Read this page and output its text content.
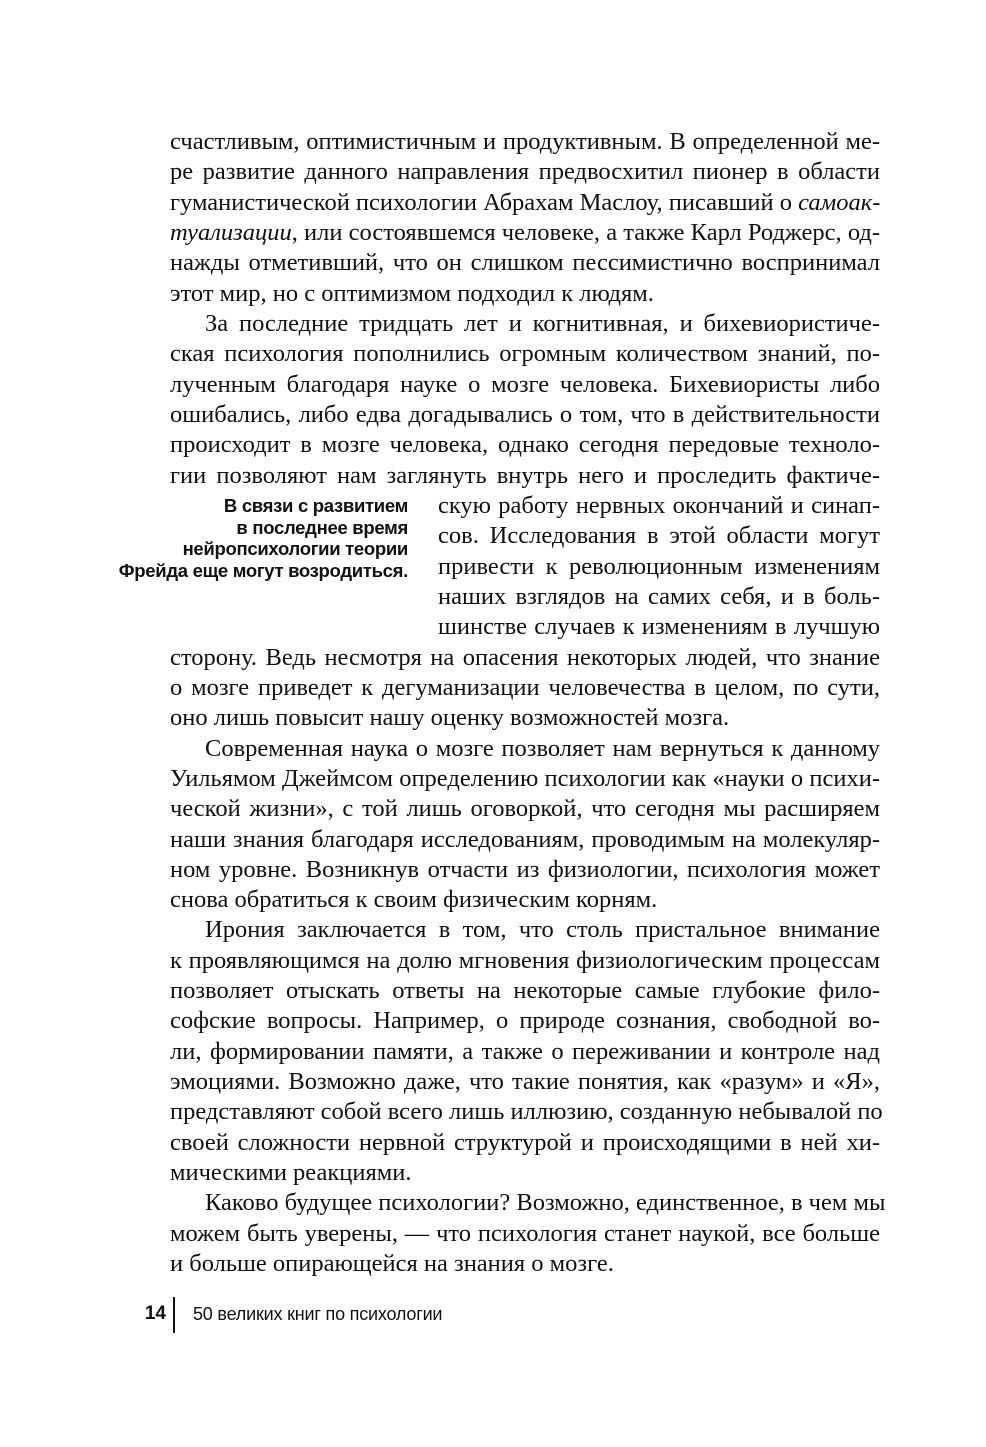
счастливым, оптимистичным и продуктивным. В определенной ме-
ре развитие данного направления предвосхитил пионер в области
гуманистической психологии Абрахам Маслоу, писавший о самоак-
туализации, или состоявшемся человеке, а также Карл Роджерс, од-
нажды отметивший, что он слишком пессимистично воспринимал
этот мир, но с оптимизмом подходил к людям.
За последние тридцать лет и когнитивная, и бихевиористиче-
ская психология пополнились огромным количеством знаний, по-
лученным благодаря науке о мозге человека. Бихевиористы либо
ошибались, либо едва догадывались о том, что в действительности
происходит в мозге человека, однако сегодня передовые техноло-
гии позволяют нам заглянуть внутрь него и проследить фактиче-
скую работу нервных окончаний и синап-
сов. Исследования в этой области могут
привести к революционным изменениям
наших взглядов на самих себя, и в боль-
шинстве случаев к изменениям в лучшую
сторону. Ведь несмотря на опасения некоторых людей, что знание
о мозге приведет к дегуманизации человечества в целом, по сути,
оно лишь повысит нашу оценку возможностей мозга.
Современная наука о мозге позволяет нам вернуться к данному
Уильямом Джеймсом определению психологии как «науки о психи-
ческой жизни», с той лишь оговоркой, что сегодня мы расширяем
наши знания благодаря исследованиям, проводимым на молекуляр-
ном уровне. Возникнув отчасти из физиологии, психология может
снова обратиться к своим физическим корням.
Ирония заключается в том, что столь пристальное внимание
к проявляющимся на долю мгновения физиологическим процессам
позволяет отыскать ответы на некоторые самые глубокие фило-
софские вопросы. Например, о природе сознания, свободной во-
ли, формировании памяти, а также о переживании и контроле над
эмоциями. Возможно даже, что такие понятия, как «разум» и «Я»,
представляют собой всего лишь иллюзию, созданную небывалой по
своей сложности нервной структурой и происходящими в ней хи-
мическими реакциями.
Каково будущее психологии? Возможно, единственное, в чем мы
можем быть уверены, — что психология станет наукой, все больше
и больше опирающейся на знания о мозге.
В связи с развитием
в последнее время
нейропсихологии теории
Фрейда еще могут возродиться.
14 50 великих книг по психологии
